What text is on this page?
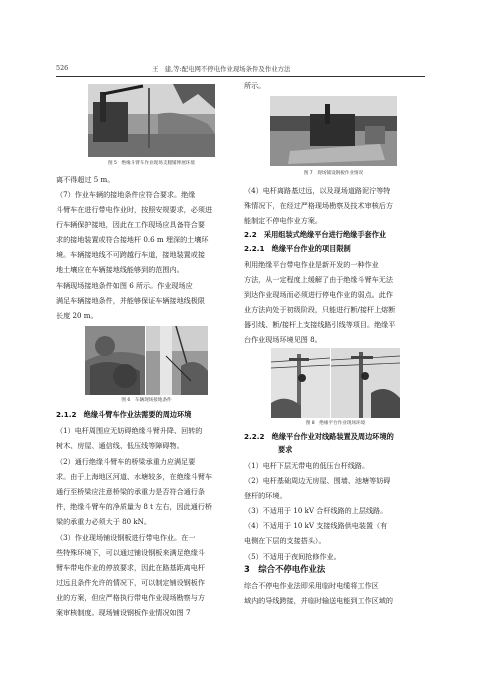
526	王　建,等:配电网不停电作业现场条件及作业方法
图 5　绝缘斗臂车作业现场支腿铺伸展环境
离不得超过 5 m。
（7）作业车辆的接地条件应符合要求。绝缘
斗臂车在进行带电作业时，按照安规要求，必须进
行车辆保护接地，因此在工作现场应具备符合要
求的接地装置或符合接地杆 0.6 m 埋深的土壤环
境。车辆接地线不可跨越行车道，接地装置或接
地土壤应在车辆接地线能够到的范围内。
车辆现场接地条件如图 6 所示。作业现场应
满足车辆接地条件，并能够保证车辆接地线极限
长度 20 m。
图 6　车辆现场接地条件
2.1.2　绝缘斗臂车作业法需要的周边环境
（1）电杆周围应无妨碍绝缘斗臂升降、回转的
树木、房屋、通信线、低压线等障碍物。
（2）通行绝缘斗臂车的桥梁承重力应满足要
求。由于上海地区河道、水塘较多，在绝缘斗臂车
通行至桥梁应注意桥梁的承重力是否符合通行条
件，绝缘斗臂车的净质量为 8 t 左右，因此通行桥
梁的承重力必须大于 80 kN。
（3）作业现场铺设钢板进行带电作业。在一
些特殊环境下，可以通过铺设钢板来满足绝缘斗
臂车带电作业的停放要求，因此在路基距离电杆
过远且条件允许的情况下，可以制定铺设钢板作
业的方案，但应严格执行带电作业现场勘察与方
案审核制度。现场铺设钢板作业情况如图 7
所示。
图 7　现场铺设钢板作业情况
（4）电杆离路基过远，以及现场道路泥泞等特
殊情况下，在经过严格现场勘察及技术审核后方
能制定不停电作业方案。
2.2　采用组装式绝缘平台进行绝缘手套作业
2.2.1　绝缘平台作业的项目限制
利用绝缘平台带电作业是新开发的一种作业
方法，从一定程度上缓解了由于绝缘斗臂车无法
到达作业现场而必须进行停电作业的弱点。此作
业方法向处于初级阶段，只能进行断/接杆上熔断
器引线、断/接杆上支接线路引线等项目。绝缘平
台作业现场环境见图 8。
图 8　绝缘平台作业现场环境
2.2.2　绝缘平台作业对线路装置及周边环境的
要求
（1）电杆下层无带电的低压台杆线路。
（2）电杆基础周边无房屋、围墙、池塘等妨碍
登杆的环境。
（3）不适用于 10 kV 合杆线路的上层线路。
（4）不适用于 10 kV 支接线路供电装置（有
电侧在下层的支接搭头）。
（5）不适用于夜间抢修作业。
3　综合不停电作业法
综合不停电作业法即采用临时电缆将工作区
域内的导线跨接，并临时输送电能到工作区域的
